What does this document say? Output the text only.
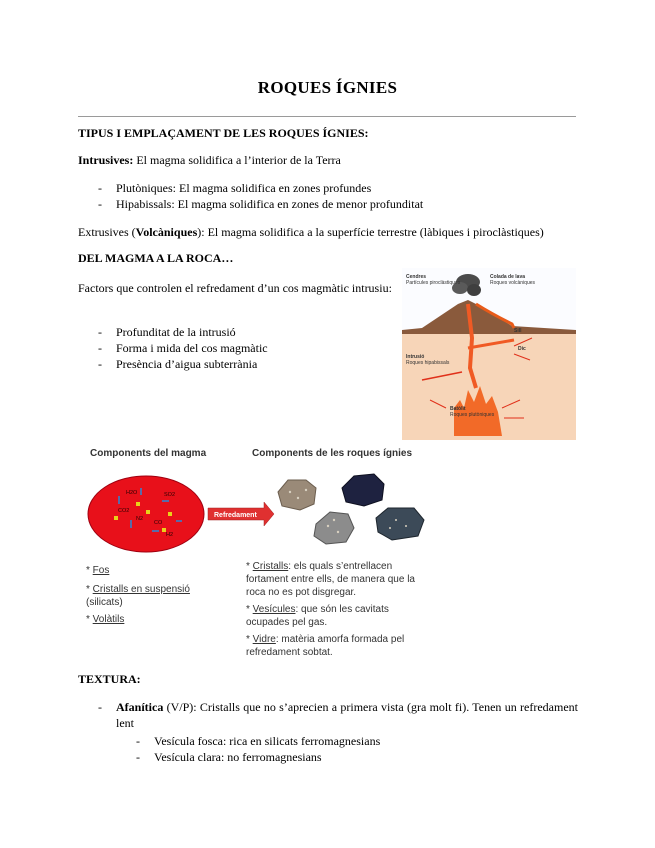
ROQUES ÍGNIES
TIPUS I EMPLAÇAMENT DE LES ROQUES ÍGNIES:
Intrusives: El magma solidifica a l’interior de la Terra
- Plutòniques: El magma solidifica en zones profundes
- Hipabissals: El magma solidifica en zones de menor profunditat
Extrusives (Volcàniques): El magma solidifica a la superfície terrestre (làbiques i piroclàstiques)
DEL MAGMA A LA ROCA…
Factors que controlen el refredament d’un cos magmàtic intrusiu:
- Profunditat de la intrusió
- Forma i mida del cos magmàtic
- Presència d’aigua subterrània
Cendres
Partícules piroclàstiques
Colada de lava
Roques volcàniques
Sill
Dic
Intrusió
Roques hipabissals
Batòlit
Roques plutòniques
Components del magma	Components de les roques ígnies
H2O	SO2
CO2
N2
CO
H2
Refredament
* Fos
* Cristalls en suspensió
(silicats)
* Volàtils
* Cristalls: els quals s’entrellacen fortament entre ells, de manera que la roca no es pot disgregar.
* Vesícules: que són les cavitats ocupades pel gas.
* Vidre: matèria amorfa formada pel refredament sobtat.
TEXTURA:
Afanítica (V/P): Cristalls que no s’aprecien a primera vista (gra molt fi). Tenen un refredament lent
-
- Vesícula fosca: rica en silicats ferromagnesians
- Vesícula clara: no ferromagnesians
